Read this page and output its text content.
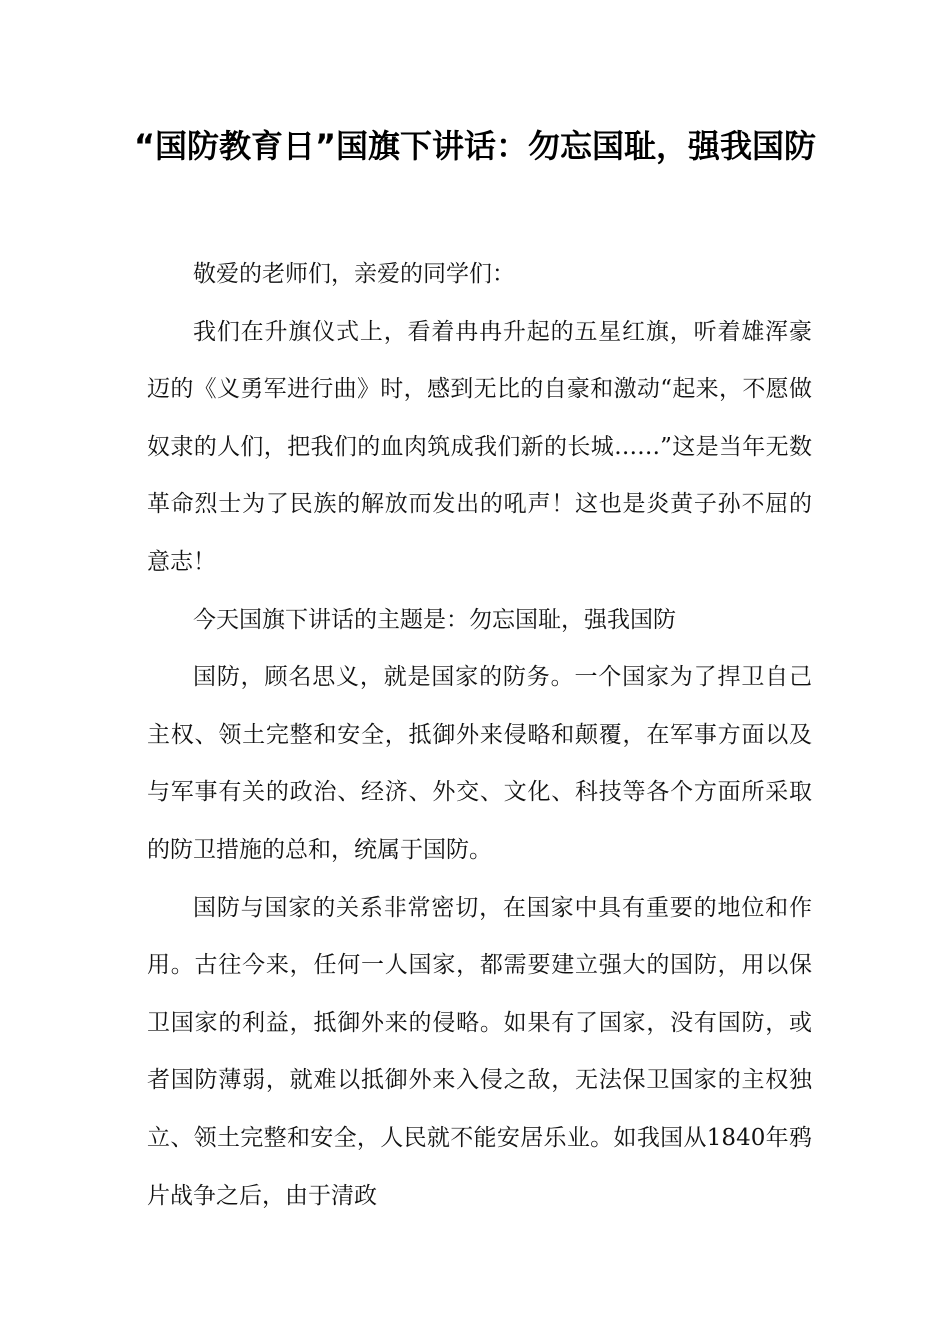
“国防教育日”国旗下讲话：勿忘国耻，强我国防

敬爱的老师们，亲爱的同学们：

我们在升旗仪式上，看着冉冉升起的五星红旗，听着雄浑豪迈的《义勇军进行曲》时，感到无比的自豪和激动“起来，不愿做奴隶的人们，把我们的血肉筑成我们新的长城……”这是当年无数革命烈士为了民族的解放而发出的吼声！这也是炎黄子孙不屈的意志！

今天国旗下讲话的主题是：勿忘国耻，强我国防

国防，顾名思义，就是国家的防务。一个国家为了捍卫自己主权、领土完整和安全，抵御外来侵略和颠覆，在军事方面以及与军事有关的政治、经济、外交、文化、科技等各个方面所采取的防卫措施的总和，统属于国防。

国防与国家的关系非常密切，在国家中具有重要的地位和作用。古往今来，任何一人国家，都需要建立强大的国防，用以保卫国家的利益，抵御外来的侵略。如果有了国家，没有国防，或者国防薄弱，就难以抵御外来入侵之敌，无法保卫国家的主权独立、领土完整和安全，人民就不能安居乐业。如我国从1840年鸦片战争之后，由于清政
